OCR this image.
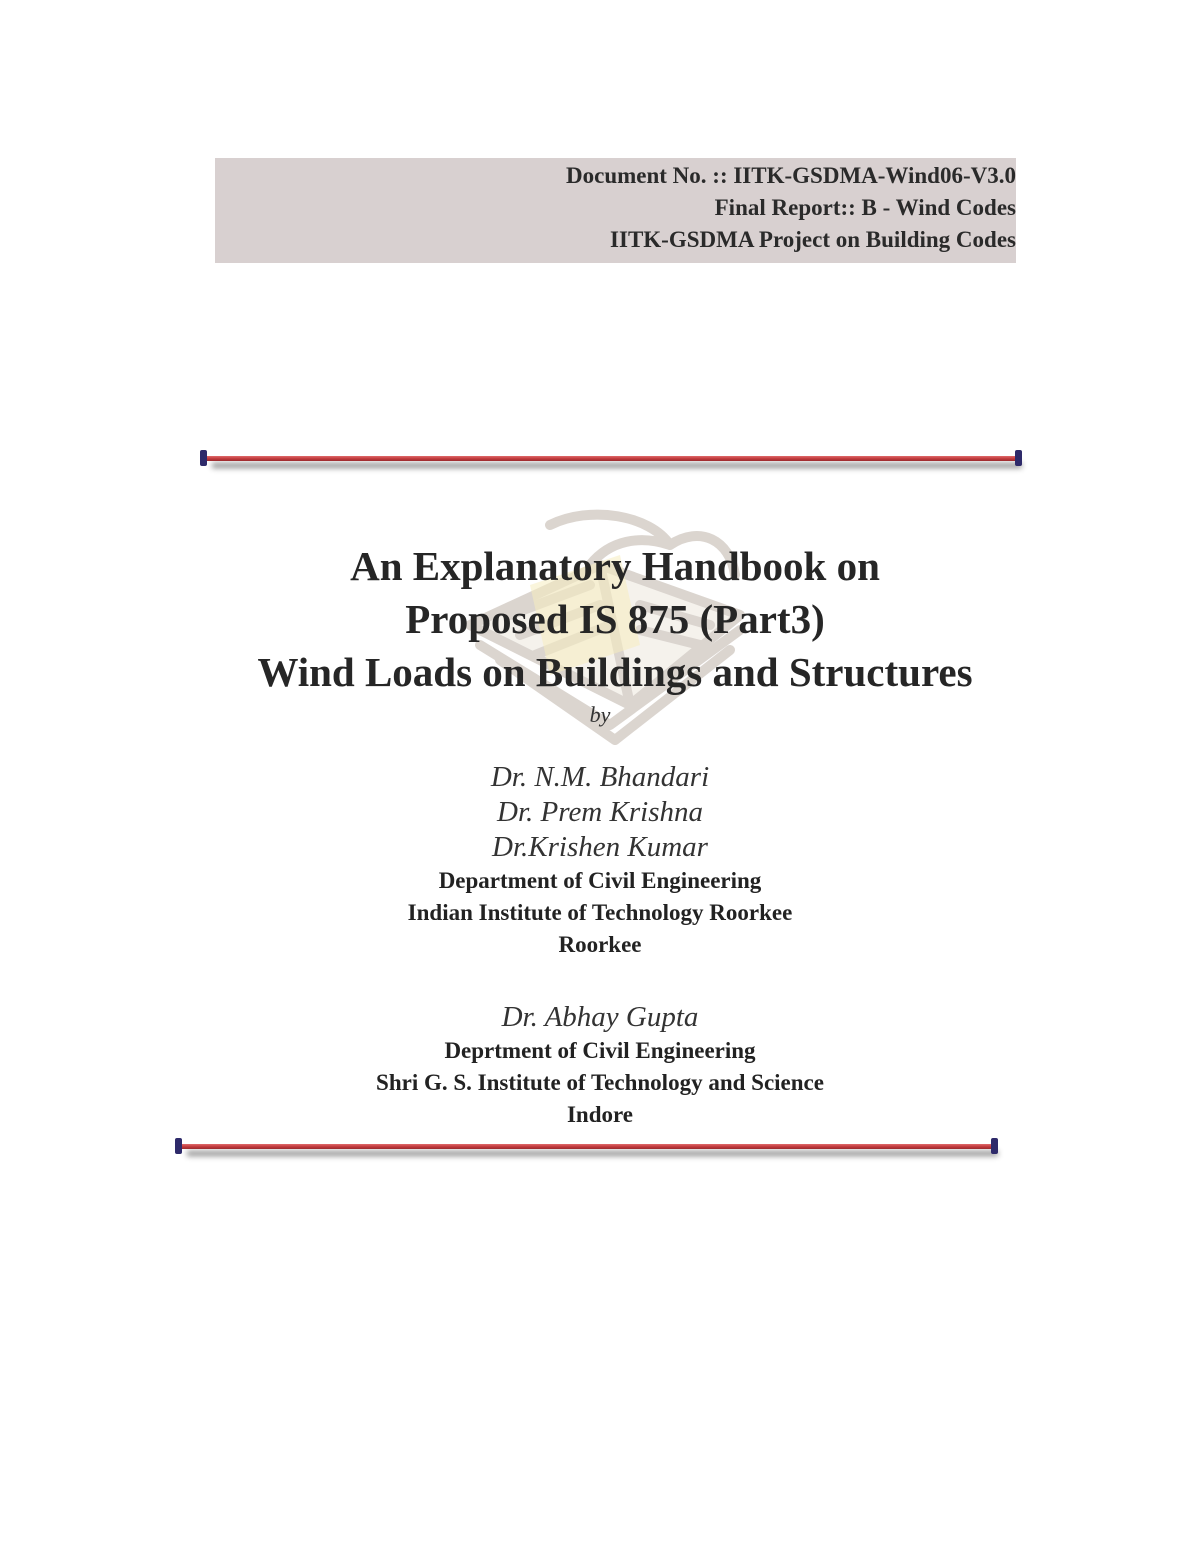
Document No. :: IITK-GSDMA-Wind06-V3.0
Final Report:: B - Wind Codes
IITK-GSDMA Project on Building Codes
An Explanatory Handbook on
Proposed IS 875 (Part3)
Wind Loads on Buildings and Structures
by
Dr. N.M. Bhandari
Dr. Prem Krishna
Dr.Krishen Kumar
Department of Civil Engineering
Indian Institute of Technology Roorkee
Roorkee
Dr. Abhay Gupta
Deprtment of Civil Engineering
Shri G. S. Institute of Technology and Science
Indore
